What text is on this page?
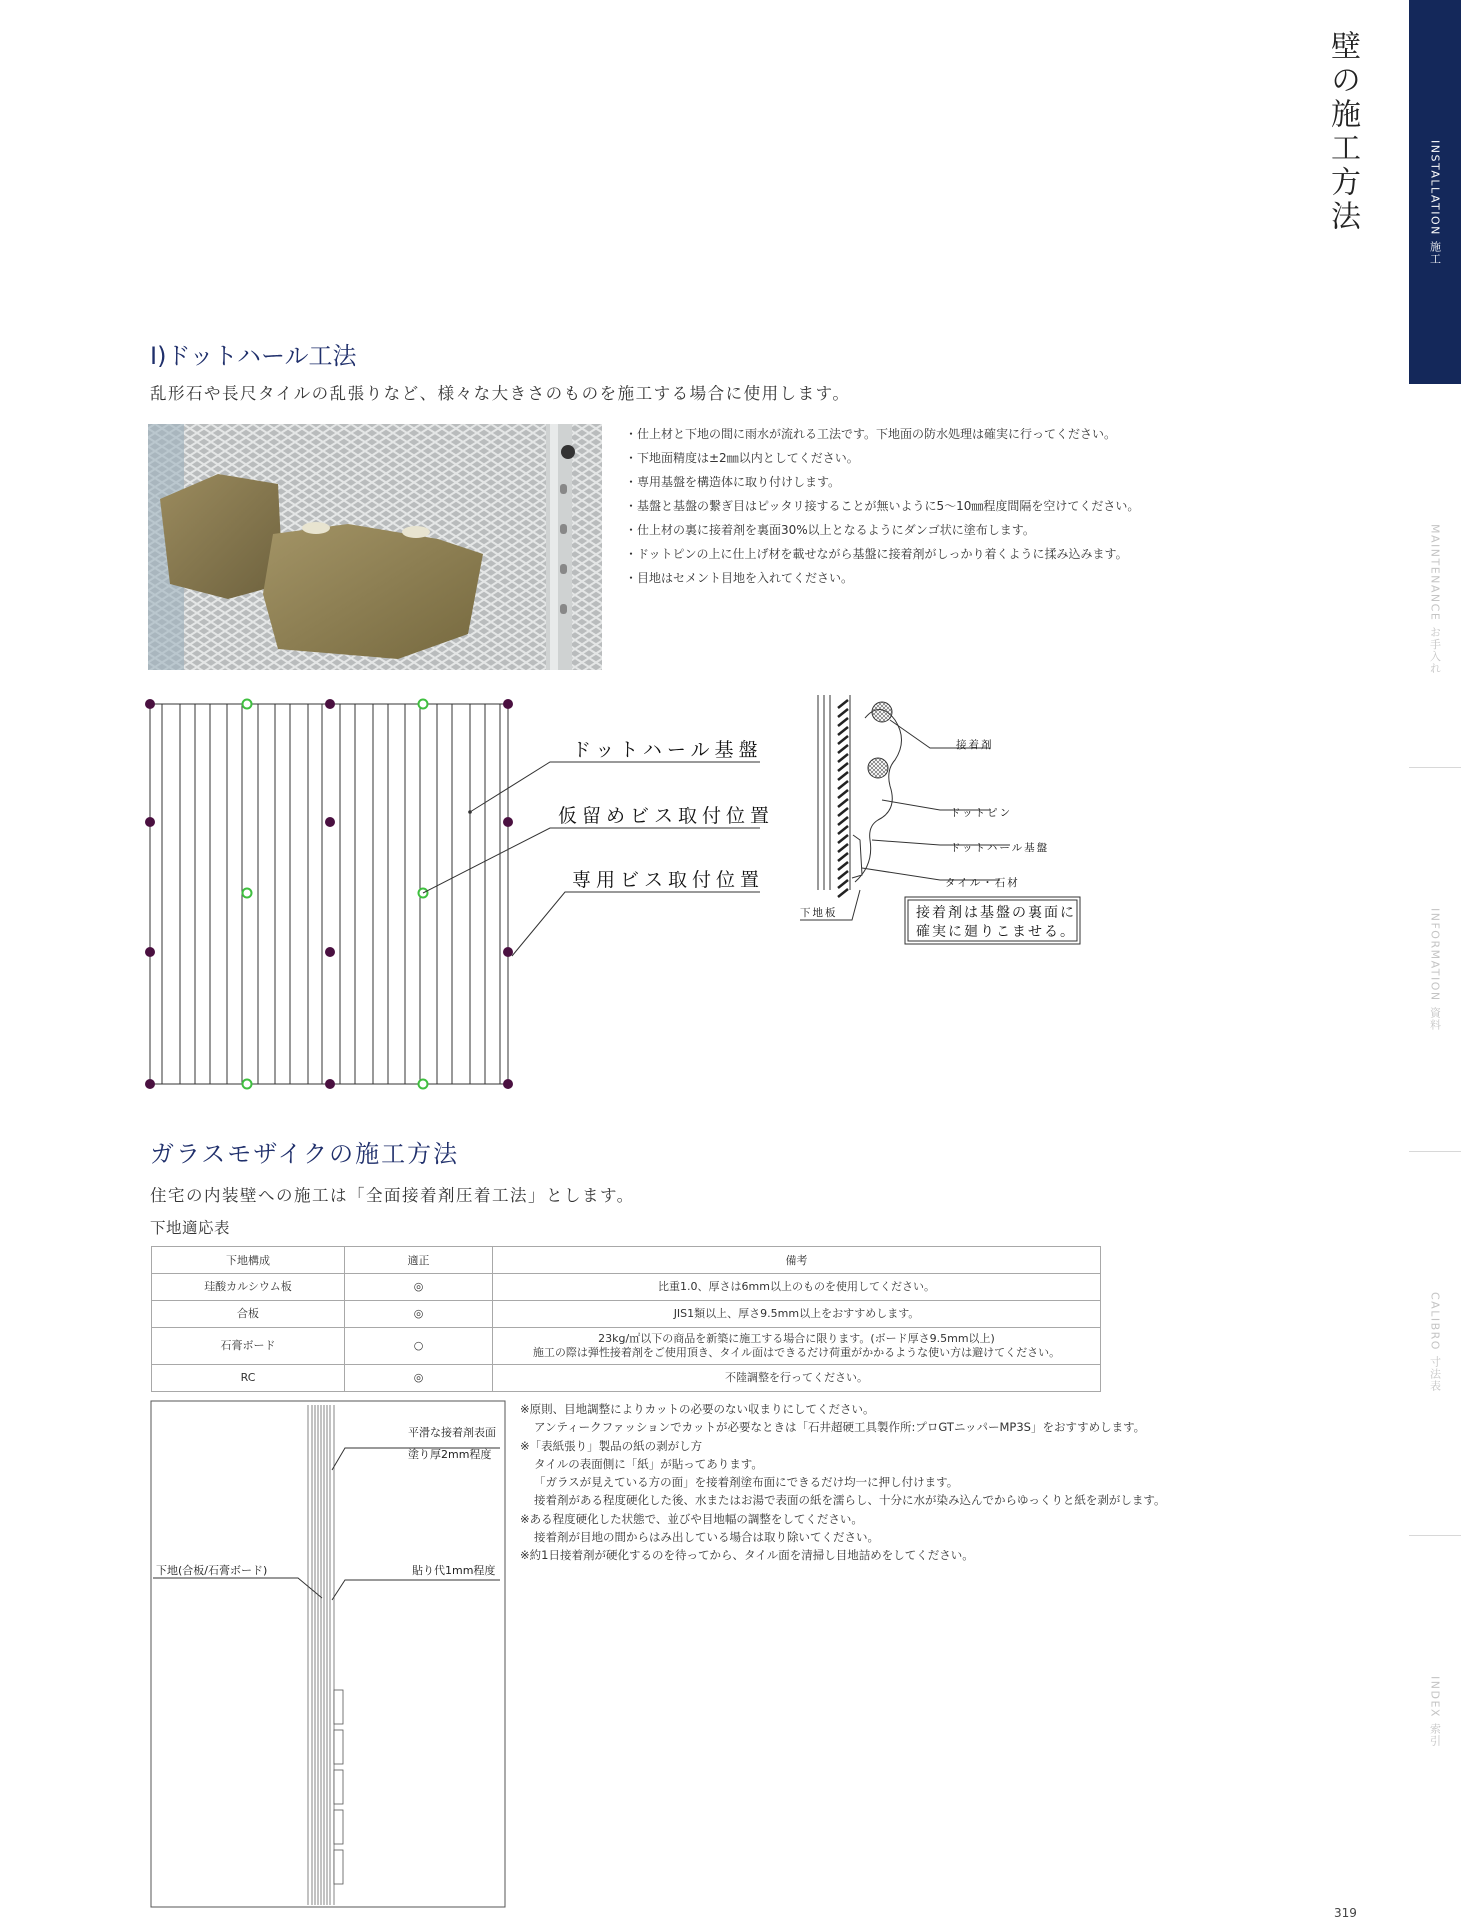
壁の施工方法	INSTALLATION 施工
MAINTENANCE お手入れ
INFORMATION 資料
CALIBRO 寸法表
INDEX 索引
Ⅰ)ドットハール工法
乱形石や長尺タイルの乱張りなど、様々な大きさのものを施工する場合に使用します。
・仕上材と下地の間に雨水が流れる工法です。下地面の防水処理は確実に行ってください。
・下地面精度は±2㎜以内としてください。
・専用基盤を構造体に取り付けします。
・基盤と基盤の繋ぎ目はピッタリ接することが無いように5〜10㎜程度間隔を空けてください。
・仕上材の裏に接着剤を裏面30%以上となるようにダンゴ状に塗布します。
・ドットピンの上に仕上げ材を載せながら基盤に接着剤がしっかり着くように揉み込みます。
・目地はセメント目地を入れてください。
ドットハール基盤
仮留めビス取付位置
専用ビス取付位置
接着剤
ドットピン
ドットハール基盤
タイル・石材
下地板	接着剤は基盤の裏面に
確実に廻りこませる。
ガラスモザイクの施工方法
住宅の内装壁への施工は「全面接着剤圧着工法」とします。
下地適応表
下地構成	適正	備考
珪酸カルシウム板	◎	比重1.0、厚さは6mm以上のものを使用してください。
合板	◎	JIS1類以上、厚さ9.5mm以上をおすすめします。
石膏ボード	○	23kg/㎡以下の商品を新築に施工する場合に限ります。(ボード厚さ9.5mm以上)
施工の際は弾性接着剤をご使用頂き、タイル面はできるだけ荷重がかかるような使い方は避けてください。

RC	◎	不陸調整を行ってください。
平滑な接着剤表面
塗り厚2mm程度
下地(合板/石膏ボード)	貼り代1mm程度
※原則、目地調整によりカットの必要のない収まりにしてください。
アンティークファッションでカットが必要なときは「石井超硬工具製作所:プロGTニッパーMP3S」をおすすめします。
※「表紙張り」製品の紙の剥がし方
タイルの表面側に「紙」が貼ってあります。
「ガラスが見えている方の面」を接着剤塗布面にできるだけ均一に押し付けます。
接着剤がある程度硬化した後、水またはお湯で表面の紙を濡らし、十分に水が染み込んでからゆっくりと紙を剥がします。
※ある程度硬化した状態で、並びや目地幅の調整をしてください。
接着剤が目地の間からはみ出している場合は取り除いてください。
※約1日接着剤が硬化するのを待ってから、タイル面を清掃し目地詰めをしてください。
319
